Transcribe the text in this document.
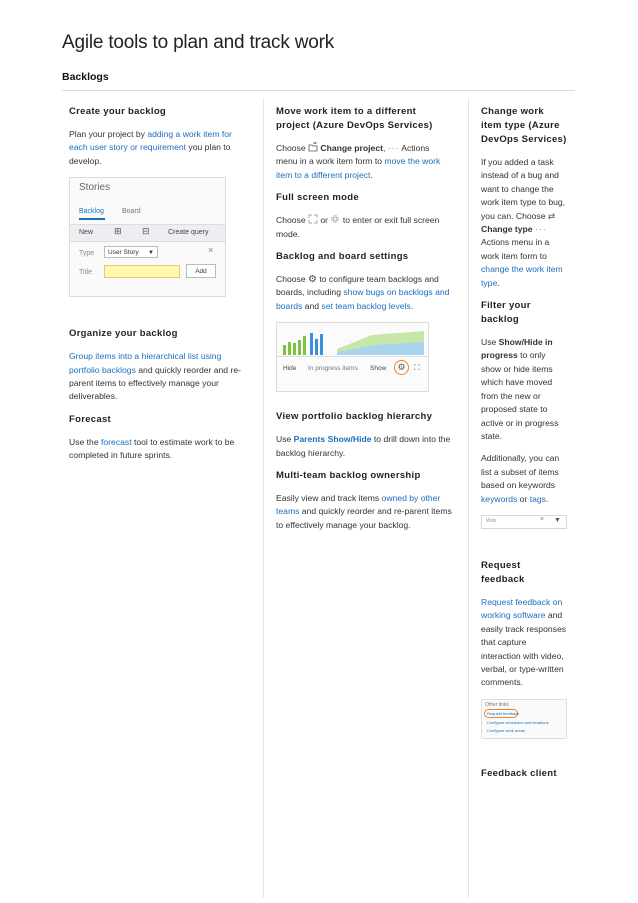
Agile tools to plan and track work
Backlogs
Create your backlog

Plan your project by adding a work item for each user story or requirement you plan to develop.

Stories
Backlog	Board
New ⊞ ⊟	Create query
Type	User Story ▼	×
Title	Add
Organize your backlog

Group items into a hierarchical list using portfolio backlogs and quickly reorder and re-parent items to effectively manage your deliverables.

Forecast

Use the forecast tool to estimate work to be completed in future sprints.

Move work item to a different project (Azure DevOps Services)

Choose  Change project, ··· Actions menu in a work item form to move the work item to a different project.

Full screen mode

Choose  or  to enter or exit full screen mode.

Backlog and board settings

Choose ⚙ to configure team backlogs and boards, including show bugs on backlogs and boards and set team backlog levels.

Hide In progress items Show	⚙	⛶
View portfolio backlog hierarchy

Use Parents Show/Hide to drill down into the backlog hierarchy.

Multi-team backlog ownership

Easily view and track items owned by other teams and quickly reorder and re-parent items to effectively manage your backlog.

Change work item type (Azure DevOps Services)

If you added a task instead of a bug and want to change the work item type to bug, you can. Choose ⇄ Change type ··· Actions menu in a work item form to change the work item type.

Filter your backlog

Use Show/Hide in progress to only show or hide items which have moved from the new or proposed state to active or in progress state.

Additionally, you can list a subset of items based on keywords keywords or tags.

Web	× ▼
Request feedback

Request feedback on working software and easily track responses that capture interaction with video, verbal, or type-written comments.

Other links
Request feedback
Configure schedules and iterations
Configure work areas
Feedback client
